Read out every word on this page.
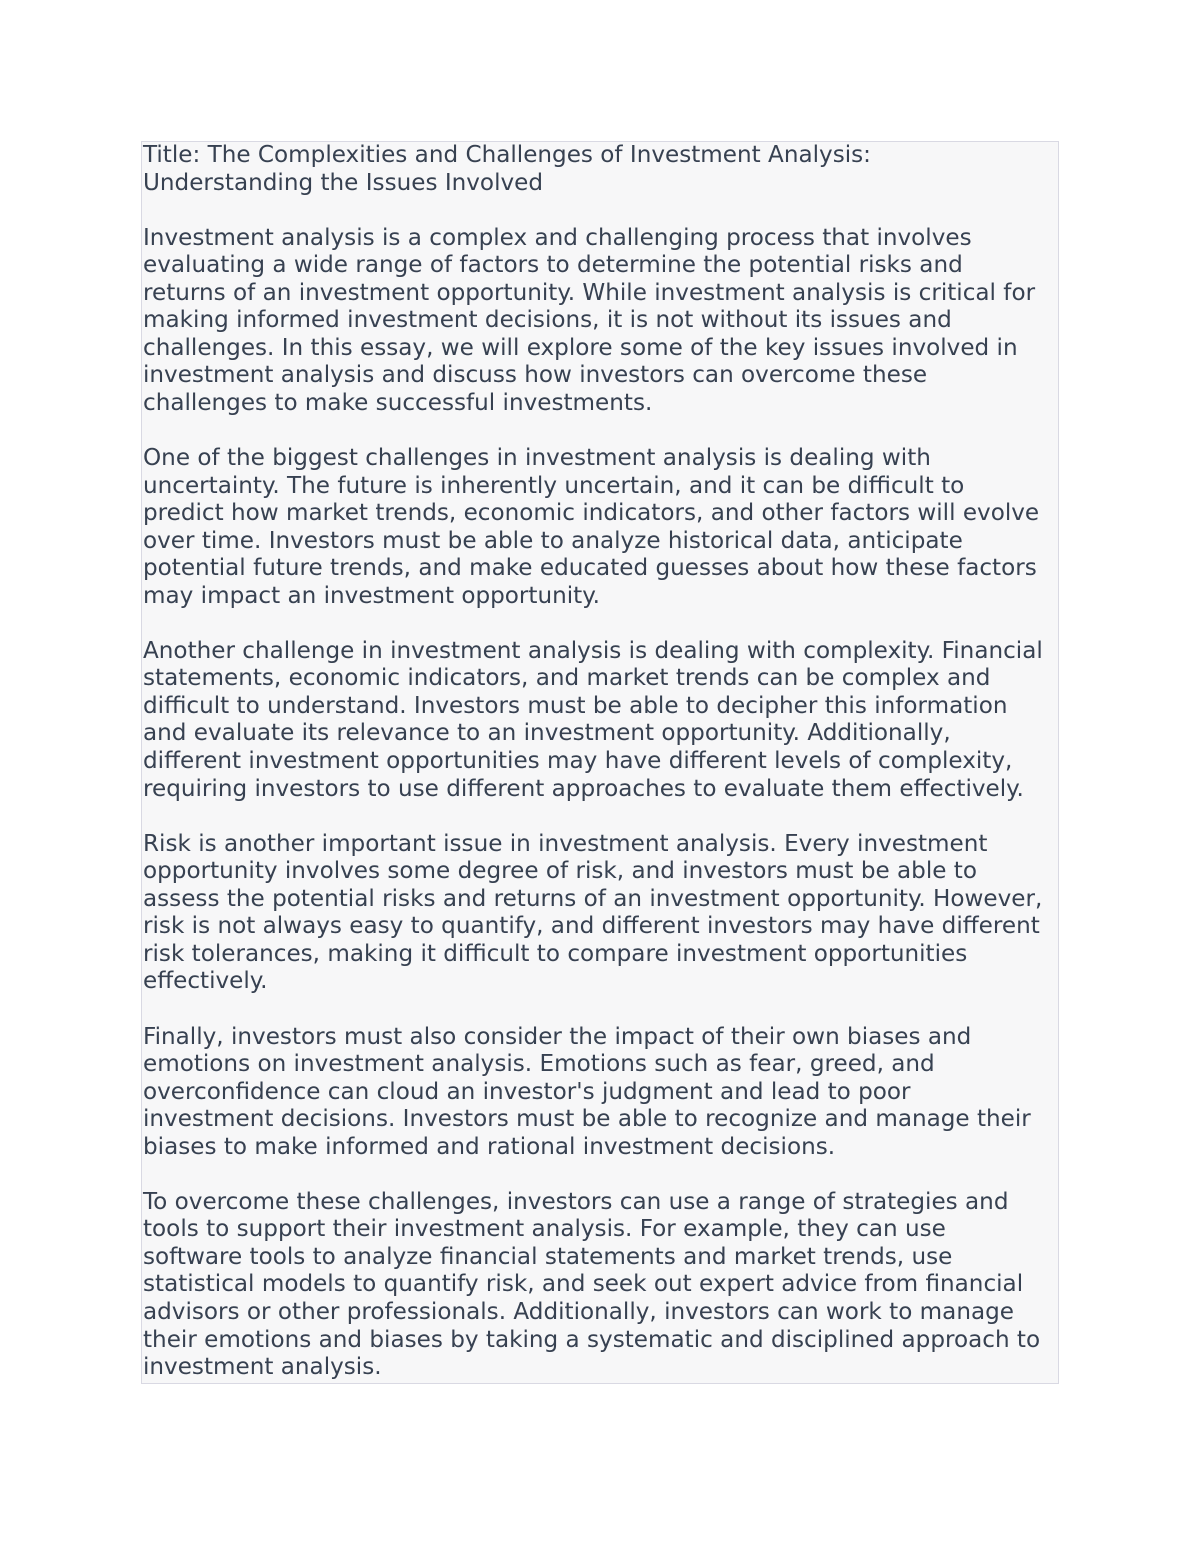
Title: The Complexities and Challenges of Investment Analysis:
Understanding the Issues Involved
Investment analysis is a complex and challenging process that involves
evaluating a wide range of factors to determine the potential risks and
returns of an investment opportunity. While investment analysis is critical for
making informed investment decisions, it is not without its issues and
challenges. In this essay, we will explore some of the key issues involved in
investment analysis and discuss how investors can overcome these
challenges to make successful investments.
One of the biggest challenges in investment analysis is dealing with
uncertainty. The future is inherently uncertain, and it can be difficult to
predict how market trends, economic indicators, and other factors will evolve
over time. Investors must be able to analyze historical data, anticipate
potential future trends, and make educated guesses about how these factors
may impact an investment opportunity.
Another challenge in investment analysis is dealing with complexity. Financial
statements, economic indicators, and market trends can be complex and
difficult to understand. Investors must be able to decipher this information
and evaluate its relevance to an investment opportunity. Additionally,
different investment opportunities may have different levels of complexity,
requiring investors to use different approaches to evaluate them effectively.
Risk is another important issue in investment analysis. Every investment
opportunity involves some degree of risk, and investors must be able to
assess the potential risks and returns of an investment opportunity. However,
risk is not always easy to quantify, and different investors may have different
risk tolerances, making it difficult to compare investment opportunities
effectively.
Finally, investors must also consider the impact of their own biases and
emotions on investment analysis. Emotions such as fear, greed, and
overconfidence can cloud an investor's judgment and lead to poor
investment decisions. Investors must be able to recognize and manage their
biases to make informed and rational investment decisions.
To overcome these challenges, investors can use a range of strategies and
tools to support their investment analysis. For example, they can use
software tools to analyze financial statements and market trends, use
statistical models to quantify risk, and seek out expert advice from financial
advisors or other professionals. Additionally, investors can work to manage
their emotions and biases by taking a systematic and disciplined approach to
investment analysis.
